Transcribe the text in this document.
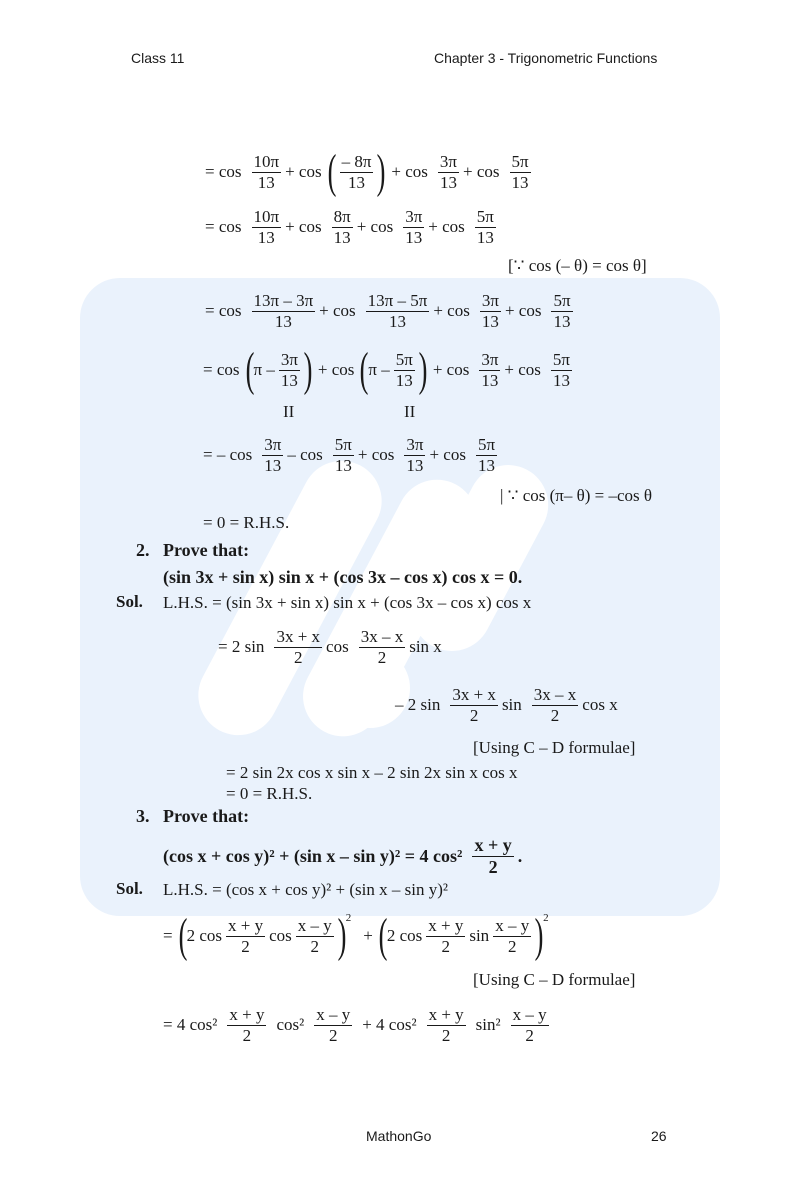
Class 11	Chapter 3 - Trigonometric Functions
= $\cos \frac{10\pi}{13} + \cos$ ( $\frac{- 8\pi}{13}$ ) + $\cos \frac{3\pi}{13} + \cos \frac{5\pi}{13}$
= $\cos \frac{10\pi}{13} + \cos \frac{8\pi}{13} + \cos \frac{3\pi}{13} + \cos \frac{5\pi}{13}$
[∵ cos (– θ) = cos θ]
= $\cos \frac{13\pi - 3\pi}{13} + \cos \frac{13\pi - 5\pi}{13} + \cos \frac{3\pi}{13} + \cos \frac{5\pi}{13}$
= cos ( π – $\frac{3\pi}{13}$ ) + cos ( π – $\frac{5\pi}{13}$ ) + $\cos \frac{3\pi}{13} + \cos \frac{5\pi}{13}$
II	II
= – $\cos \frac{3\pi}{13} - \cos \frac{5\pi}{13} + \cos \frac{3\pi}{13} + \cos \frac{5\pi}{13}$
| ∵ cos (π– θ) = –cos θ
= 0 = R.H.S.
2. Prove that:
(sin 3x + sin x) sin x + (cos 3x – cos x) cos x = 0.
Sol. L.H.S. = (sin 3x + sin x) sin x + (cos 3x – cos x) cos x
= 2 $\sin \frac{3x + x}{2}$ $\cos \frac{3x - x}{2}$ sin x
– 2 $\sin \frac{3x + x}{2}$ $\sin \frac{3x - x}{2}$ cos x
[Using C – D formulae]
= 2 sin 2x cos x sin x – 2 sin 2x sin x cos x
= 0 = R.H.S.
3. Prove that:
(cos x + cos y)² + (sin x – sin y)² = 4 $\cos^2 \frac{x + y}{2}$ .
Sol. L.H.S. = (cos x + cos y)² + (sin x – sin y)²
= ( 2 $\cos \frac{x + y}{2}$ $\cos \frac{x - y}{2} )^2$
+ ( 2 $\cos \frac{x + y}{2}$ $\sin \frac{x - y}{2} )^2$
[Using C – D formulae]
= 4 $\cos^2 \frac{x + y}{2} \cos^2 \frac{x - y}{2} + 4$ $\cos^2 \frac{x + y}{2} \sin^2 \frac{x - y}{2}$
MathonGo	26
